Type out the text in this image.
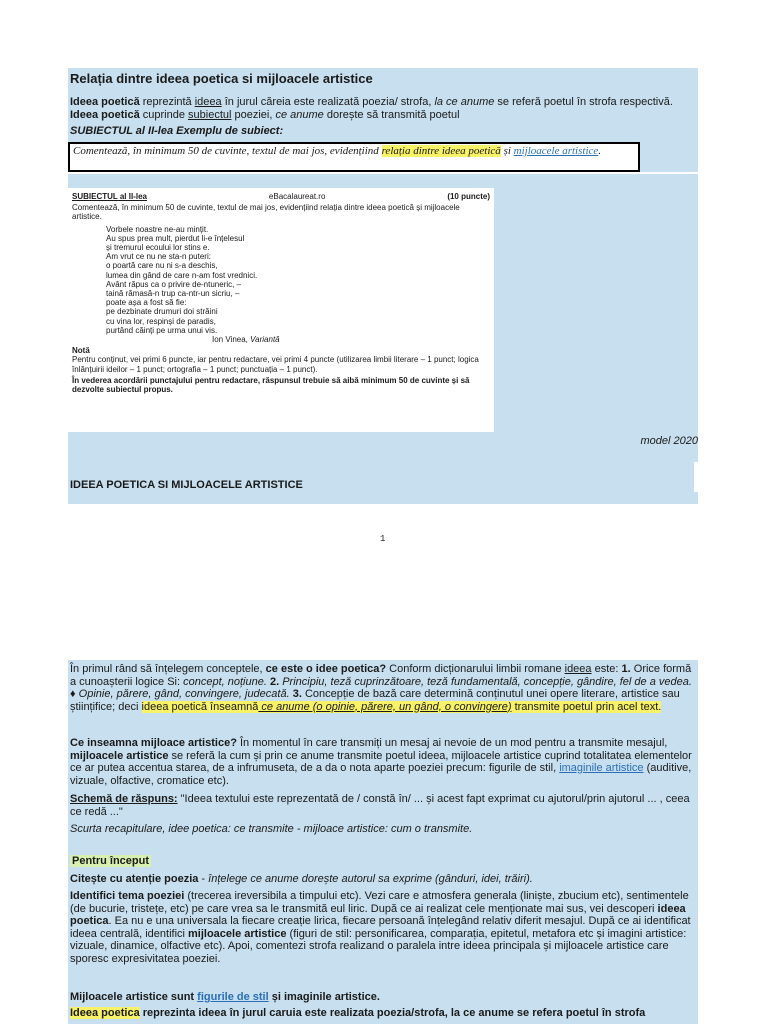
Relația dintre ideea poetica si mijloacele artistice
Ideea poetică reprezintă ideea în jurul căreia este realizată poezia/ strofa, la ce anume se referă poetul în strofa respectivă. Ideea poetică cuprinde subiectul poeziei, ce anume dorește să transmită poetul
SUBIECTUL al II-lea Exemplu de subiect:
Comentează, în minimum 50 de cuvinte, textul de mai jos, evidențiind relația dintre ideea poetică și mijloacele artistice.
SUBIECTUL al II-lea	eBacalaureat.ro	(10 puncte)
Comentează, în minimum 50 de cuvinte, textul de mai jos, evidențiind relația dintre ideea poetică și mijloacele artistice.
Vorbele noastre ne-au mințit.
Au spus prea mult, pierdut li-e înțelesul
și tremurul ecoului lor stins e.
Am vrut ce nu ne sta-n puteri:
o poartă care nu ni s-a deschis,
lumea din gând de care n-am fost vrednici.
Avânt răpus ca o privire de-ntuneric, –
taină rămasă-n trup ca-ntr-un sicriu, –
poate așa a fost să fie:
pe dezbinate drumuri doi străini
cu vina lor, respinși de paradis,
purtând căinți pe urma unui vis.
Ion Vinea, Variantă
Notă
Pentru conținut, vei primi 6 puncte, iar pentru redactare, vei primi 4 puncte (utilizarea limbii literare – 1 punct; logica înlănțuirii ideilor – 1 punct; ortografia – 1 punct; punctuația – 1 punct).
În vederea acordării punctajului pentru redactare, răspunsul trebuie să aibă minimum 50 de cuvinte și să dezvolte subiectul propus.
model 2020
IDEEA POETICA SI MIJLOACELE ARTISTICE
1
În primul rând să înțelegem conceptele, ce este o idee poetica? Conform dicționarului limbii romane ideea este: 1. Orice formă a cunoașterii logice Si: concept, noțiune. 2. Principiu, teză cuprinzătoare, teză fundamentală, concepție, gândire, fel de a vedea. ♦ Opinie, părere, gând, convingere, judecată. 3. Concepție de bază care determină conținutul unei opere literare, artistice sau științifice; deci ideea poetică înseamnă ce anume (o opinie, părere, un gând, o convingere) transmite poetul prin acel text.
Ce inseamna mijloace artistice? În momentul în care transmiți un mesaj ai nevoie de un mod pentru a transmite mesajul, mijloacele artistice se referă la cum și prin ce anume transmite poetul ideea, mijloacele artistice cuprind totalitatea elementelor ce ar putea accentua starea, de a infrumuseta, de a da o nota aparte poeziei precum: figurile de stil, imaginile artistice (auditive, vizuale, olfactive, cromatice etc).
Schemă de răspuns: "Ideea textului este reprezentată de / constă în/ ... și acest fapt exprimat cu ajutorul/prin ajutorul ... , ceea ce redă ..."
Scurta recapitulare, idee poetica: ce transmite - mijloace artistice: cum o transmite.
Pentru început
Citește cu atenție poezia - înțelege ce anume dorește autorul sa exprime (gânduri, idei, trăiri).
Identifici tema poeziei (trecerea ireversibila a timpului etc). Vezi care e atmosfera generala (liniște, zbucium etc), sentimentele (de bucurie, tristețe, etc) pe care vrea sa le transmită eul liric. După ce ai realizat cele menționate mai sus, vei descoperi ideea poetica. Ea nu e una universala la fiecare creație lirica, fiecare persoană înțelegând relativ diferit mesajul. După ce ai identificat ideea centrală, identifici mijloacele artistice (figuri de stil: personificarea, comparația, epitetul, metafora etc și imagini artistice: vizuale, dinamice, olfactive etc). Apoi, comentezi strofa realizand o paralela intre ideea principala și mijloacele artistice care sporesc expresivitatea poeziei.
Mijloacele artistice sunt figurile de stil și imaginile artistice.
Ideea poetica reprezinta ideea în jurul caruia este realizata poezia/strofa, la ce anume se refera poetul în strofa
